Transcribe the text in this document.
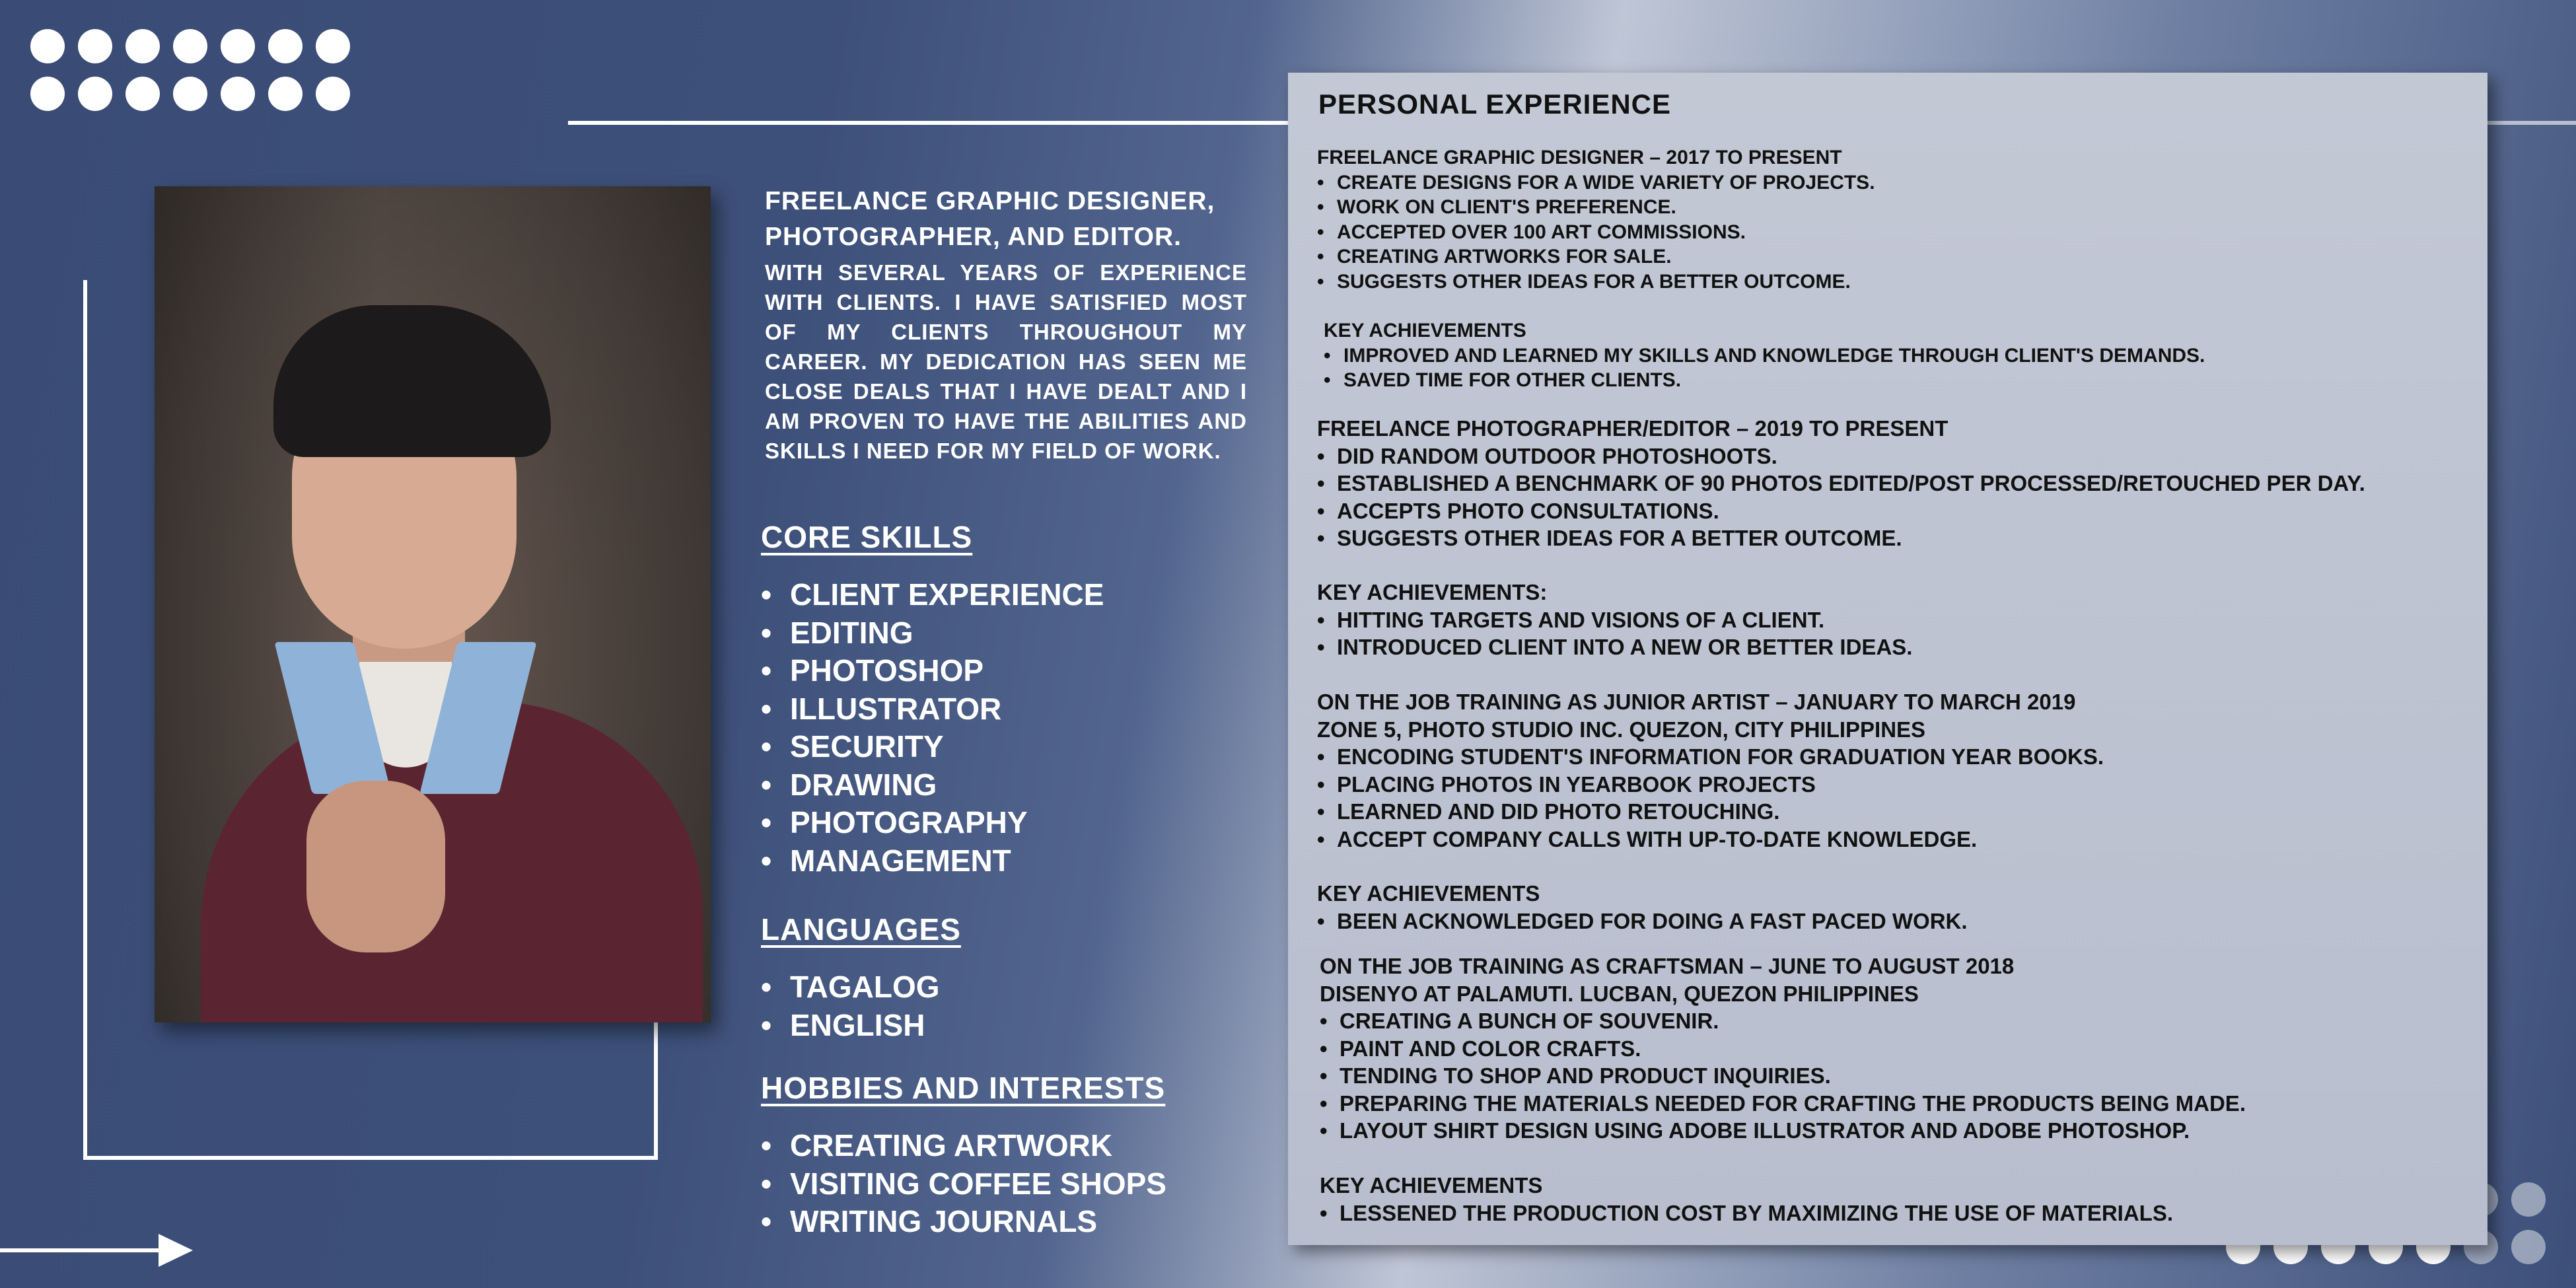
FREELANCE GRAPHIC DESIGNER, PHOTOGRAPHER, AND EDITOR.
WITH SEVERAL YEARS OF EXPERIENCE WITH CLIENTS. I HAVE SATISFIED MOST OF MY CLIENTS THROUGHOUT MY CAREER. MY DEDICATION HAS SEEN ME CLOSE DEALS THAT I HAVE DEALT AND I AM PROVEN TO HAVE THE ABILITIES AND SKILLS I NEED FOR MY FIELD OF WORK.
CORE SKILLS
• CLIENT EXPERIENCE
• EDITING
• PHOTOSHOP
• ILLUSTRATOR
• SECURITY
• DRAWING
• PHOTOGRAPHY
• MANAGEMENT
LANGUAGES
• TAGALOG
• ENGLISH
HOBBIES AND INTERESTS
• CREATING ARTWORK
• VISITING COFFEE SHOPS
• WRITING JOURNALS
PERSONAL EXPERIENCE
FREELANCE GRAPHIC DESIGNER – 2017 TO PRESENT
• CREATE DESIGNS FOR A WIDE VARIETY OF PROJECTS.
• WORK ON CLIENT'S PREFERENCE.
• ACCEPTED OVER 100 ART COMMISSIONS.
• CREATING ARTWORKS FOR SALE.
• SUGGESTS OTHER IDEAS FOR A BETTER OUTCOME.
KEY ACHIEVEMENTS
• IMPROVED AND LEARNED MY SKILLS AND KNOWLEDGE THROUGH CLIENT'S DEMANDS.
• SAVED TIME FOR OTHER CLIENTS.
FREELANCE PHOTOGRAPHER/EDITOR – 2019 TO PRESENT
• DID RANDOM OUTDOOR PHOTOSHOOTS.
• ESTABLISHED A BENCHMARK OF 90 PHOTOS EDITED/POST PROCESSED/RETOUCHED PER DAY.
• ACCEPTS PHOTO CONSULTATIONS.
• SUGGESTS OTHER IDEAS FOR A BETTER OUTCOME.
KEY ACHIEVEMENTS:
• HITTING TARGETS AND VISIONS OF A CLIENT.
• INTRODUCED CLIENT INTO A NEW OR BETTER IDEAS.
ON THE JOB TRAINING AS JUNIOR ARTIST – JANUARY TO MARCH 2019
ZONE 5, PHOTO STUDIO INC. QUEZON, CITY PHILIPPINES
• ENCODING STUDENT'S INFORMATION FOR GRADUATION YEAR BOOKS.
• PLACING PHOTOS IN YEARBOOK PROJECTS
• LEARNED AND DID PHOTO RETOUCHING.
• ACCEPT COMPANY CALLS WITH UP-TO-DATE KNOWLEDGE.
KEY ACHIEVEMENTS
• BEEN ACKNOWLEDGED FOR DOING A FAST PACED WORK.
ON THE JOB TRAINING AS CRAFTSMAN – JUNE TO AUGUST 2018
DISENYO AT PALAMUTI. LUCBAN, QUEZON PHILIPPINES
• CREATING A BUNCH OF SOUVENIR.
• PAINT AND COLOR CRAFTS.
• TENDING TO SHOP AND PRODUCT INQUIRIES.
• PREPARING THE MATERIALS NEEDED FOR CRAFTING THE PRODUCTS BEING MADE.
• LAYOUT SHIRT DESIGN USING ADOBE ILLUSTRATOR AND ADOBE PHOTOSHOP.
KEY ACHIEVEMENTS
• LESSENED THE PRODUCTION COST BY MAXIMIZING THE USE OF MATERIALS.
